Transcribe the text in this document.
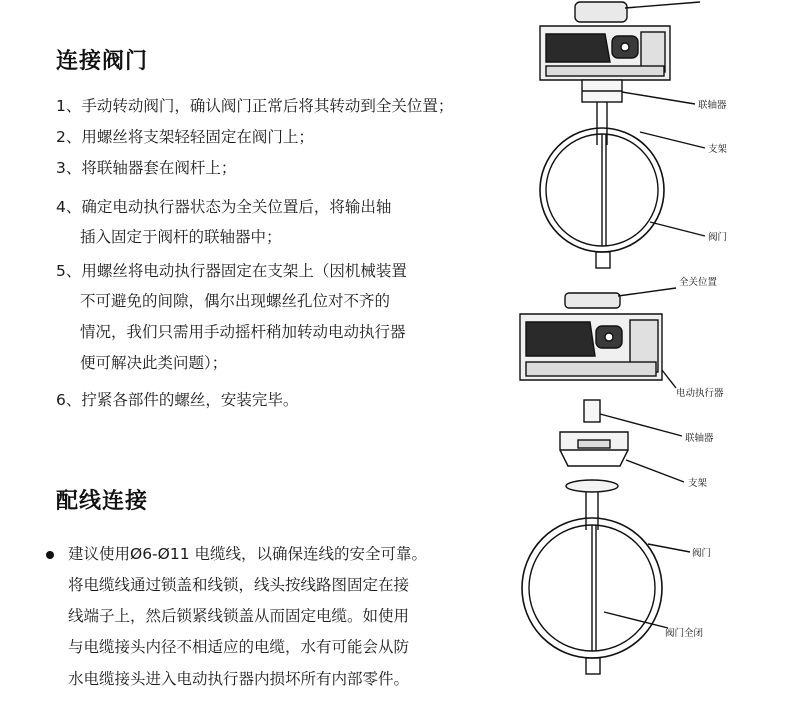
连接阀门
1、手动转动阀门，确认阀门正常后将其转动到全关位置；
2、用螺丝将支架轻轻固定在阀门上；
3、将联轴器套在阀杆上；
4、确定电动执行器状态为全关位置后，将输出轴
插入固定于阀杆的联轴器中；
5、用螺丝将电动执行器固定在支架上（因机械装置
不可避免的间隙，偶尔出现螺丝孔位对不齐的
情况，我们只需用手动摇杆稍加转动电动执行器
便可解决此类问题）；
6、拧紧各部件的螺丝，安装完毕。
配线连接
建议使用Ø6-Ø11 电缆线，以确保连线的安全可靠。
将电缆线通过锁盖和线锁，线头按线路图固定在接
线端子上，然后锁紧线锁盖从而固定电缆。如使用
与电缆接头内径不相适应的电缆，水有可能会从防
水电缆接头进入电动执行器内损坏所有内部零件。
联轴器
支架
阀门
全关位置
电动执行器
联轴器
支架
阀门
阀门全闭
